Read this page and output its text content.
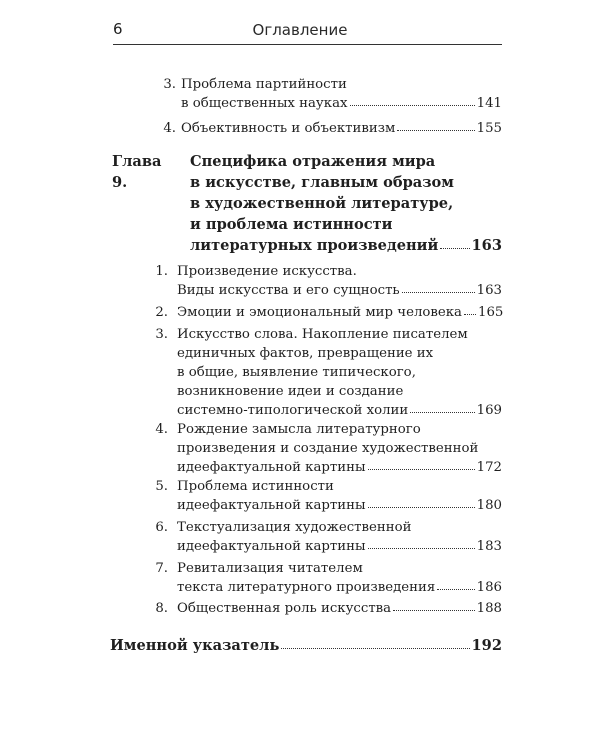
6	Оглавление
3. Проблема партийности
в общественных науках	141
4. Объективность и объективизм	155
Глава 9.
Специфика отражения мира
в искусстве, главным образом
в художественной литературе,
и проблема истинности
литературных произведений 163
1. Произведение искусства.
Виды искусства и его сущность	163
2. Эмоции и эмоциональный мир человека 165
3. Искусство слова. Накопление писателем
единичных фактов, превращение их
в общие, выявление типического,
возникновение идеи и создание
системно-типологической холии	169
4. Рождение замысла литературного
произведения и создание художественной
идеефактуальной картины	172
5. Проблема истинности
идеефактуальной картины	180
6. Текстуализация художественной
идеефактуальной картины	183
7. Ревитализация читателем
текста литературного произведения	186
8. Общественная роль искусства	188
Именной указатель	192
